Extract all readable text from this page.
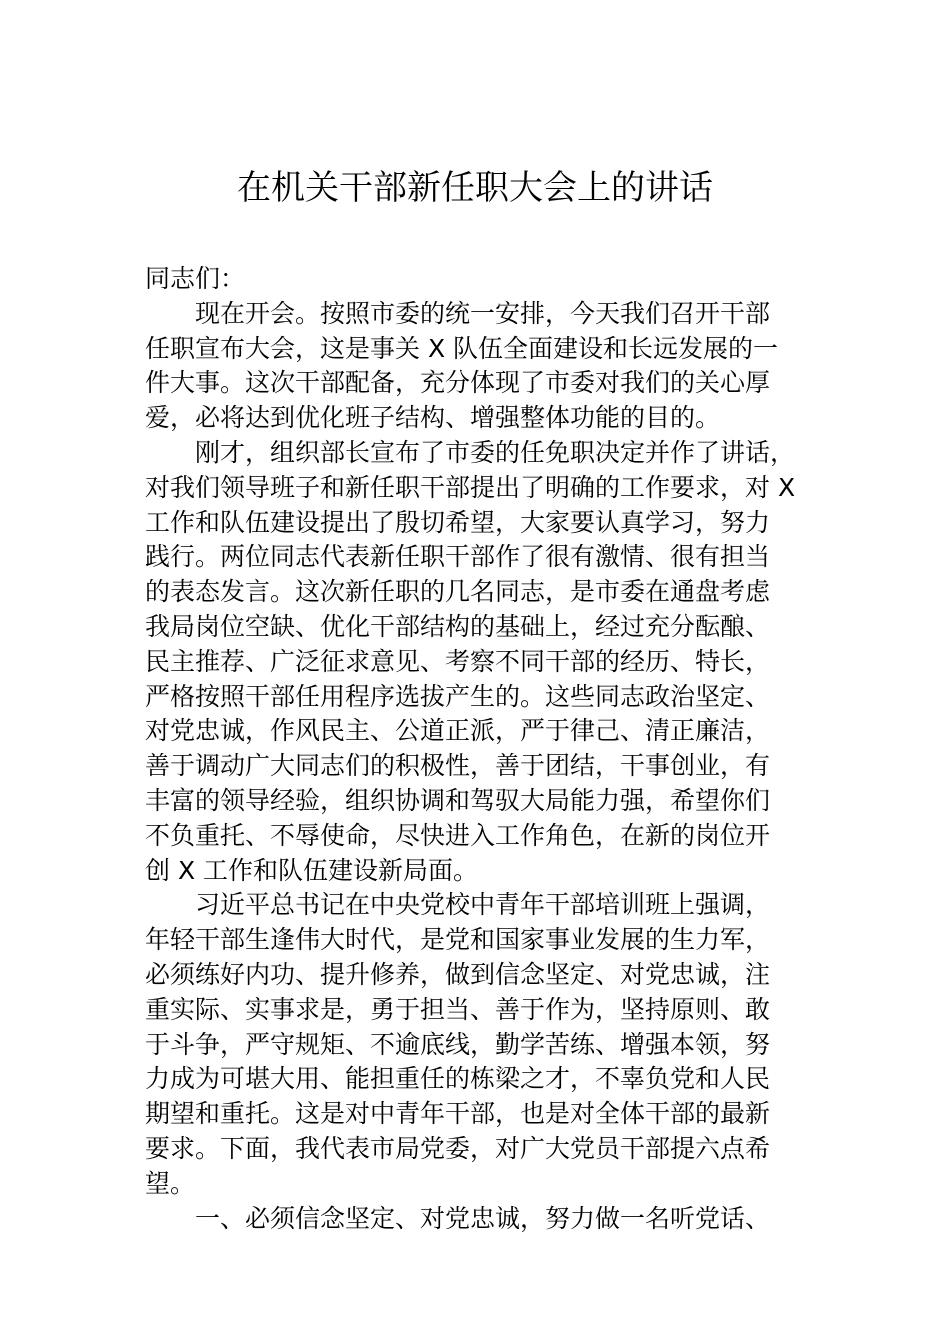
在机关干部新任职大会上的讲话
同志们：
现在开会。按照市委的统一安排，今天我们召开干部
任职宣布大会，这是事关 X 队伍全面建设和长远发展的一
件大事。这次干部配备，充分体现了市委对我们的关心厚
爱，必将达到优化班子结构、增强整体功能的目的。
刚才，组织部长宣布了市委的任免职决定并作了讲话，
对我们领导班子和新任职干部提出了明确的工作要求，对 X
工作和队伍建设提出了殷切希望，大家要认真学习，努力
践行。两位同志代表新任职干部作了很有激情、很有担当
的表态发言。这次新任职的几名同志，是市委在通盘考虑
我局岗位空缺、优化干部结构的基础上，经过充分酝酿、
民主推荐、广泛征求意见、考察不同干部的经历、特长，
严格按照干部任用程序选拔产生的。这些同志政治坚定、
对党忠诚，作风民主、公道正派，严于律己、清正廉洁，
善于调动广大同志们的积极性，善于团结，干事创业，有
丰富的领导经验，组织协调和驾驭大局能力强，希望你们
不负重托、不辱使命，尽快进入工作角色，在新的岗位开
创 X 工作和队伍建设新局面。
习近平总书记在中央党校中青年干部培训班上强调，
年轻干部生逢伟大时代，是党和国家事业发展的生力军，
必须练好内功、提升修养，做到信念坚定、对党忠诚，注
重实际、实事求是，勇于担当、善于作为，坚持原则、敢
于斗争，严守规矩、不逾底线，勤学苦练、增强本领，努
力成为可堪大用、能担重任的栋梁之才，不辜负党和人民
期望和重托。这是对中青年干部，也是对全体干部的最新
要求。下面，我代表市局党委，对广大党员干部提六点希
望。
一、必须信念坚定、对党忠诚，努力做一名听党话、
